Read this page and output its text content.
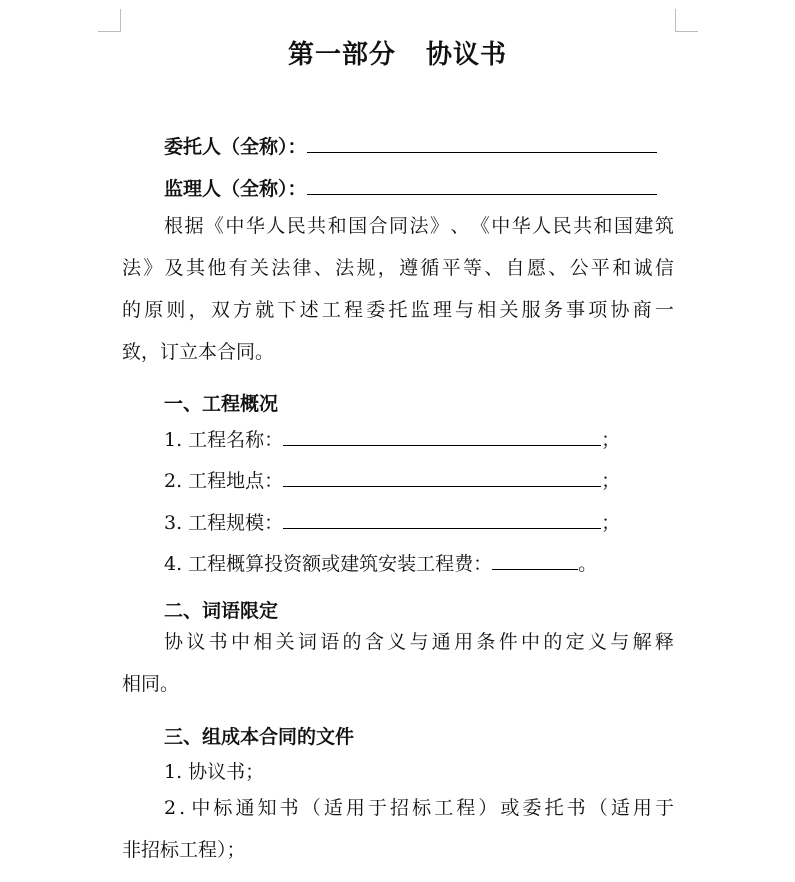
第一部分 协议书
委托人（全称）：
监理人（全称）：
根 据 《 中 华 人 民 共 和 国 合 同 法 》 、 《 中 华 人 民 共 和 国 建 筑
法 》 及 其 他 有 关 法 律 、 法 规 ， 遵 循 平 等 、 自 愿 、 公 平 和 诚 信
的 原 则 ， 双 方 就 下 述 工 程 委 托 监 理 与 相 关 服 务 事 项 协 商 一
致，订立本合同。
一、工程概况
1. 工程名称：	；
2. 工程地点：	；
3. 工程规模：	；
4. 工程概算投资额或建筑安装工程费：	。
二、词语限定
协 议 书 中 相 关 词 语 的 含 义 与 通 用 条 件 中 的 定 义 与 解 释
相同。
三、组成本合同的文件
1. 协议书；
2 . 中 标 通 知 书 （ 适 用 于 招 标 工 程 ） 或 委 托 书 （ 适 用 于
非招标工程）；
